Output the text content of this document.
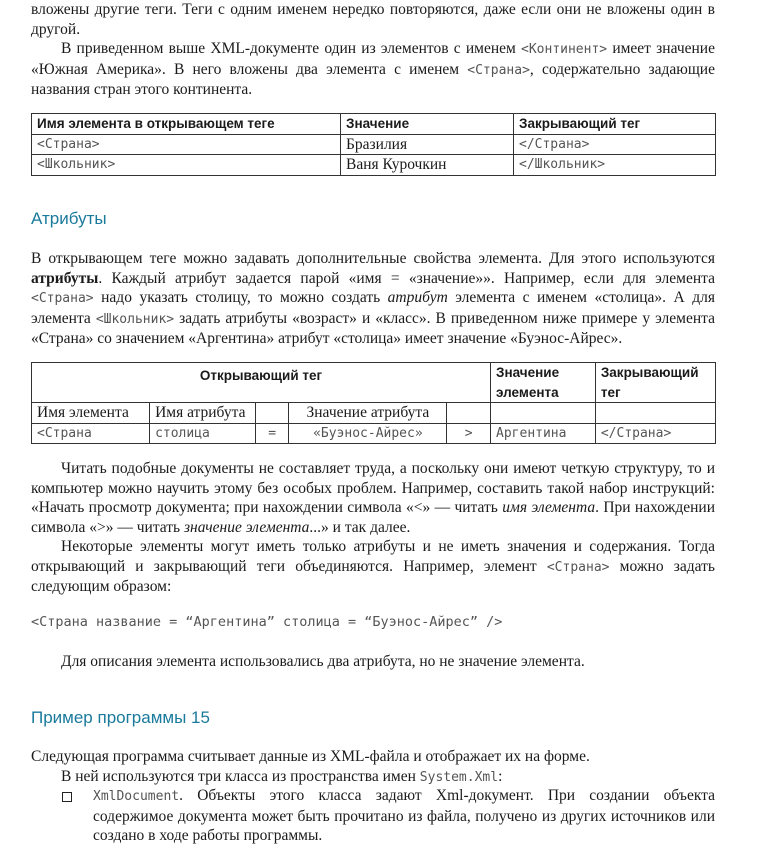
вложены другие теги. Теги с одним именем нередко повторяются, даже если они не вложены один в другой.

В приведенном выше XML-документе один из элементов с именем <Континент> имеет значение «Южная Америка». В него вложены два элемента с именем <Страна>, содержательно задающие названия стран этого континента.

Имя элемента в открывающем теге	Значение	Закрывающий тег
<Страна>	Бразилия	</Страна>
<Школьник>	Ваня Курочкин	</Школьник>
Атрибуты

В открывающем теге можно задавать дополнительные свойства элемента. Для этого используются атрибуты. Каждый атрибут задается парой «имя = «значение»». Например, если для элемента <Страна> надо указать столицу, то можно создать атрибут элемента с именем «столица». А для элемента <Школьник> задать атрибуты «возраст» и «класс». В приведенном ниже примере у элемента «Страна» со значением «Аргентина» атрибут «столица» имеет значение «Буэнос-Айрес».

Открывающий тег					Значение элемента	Закрывающий тег
Имя элемента	Имя атрибута		Значение атрибута			
<Страна	столица	=	«Буэнос-Айрес»	>	Аргентина	</Страна>

Читать подобные документы не составляет труда, а поскольку они имеют четкую структуру, то и компьютер можно научить этому без особых проблем. Например, составить такой набор инструкций: «Начать просмотр документа; при нахождении символа «<» — читать имя элемента. При нахождении символа «>» — читать значение элемента...» и так далее.

Некоторые элементы могут иметь только атрибуты и не иметь значения и содержания. Тогда открывающий и закрывающий теги объединяются. Например, элемент <Страна> можно задать следующим образом:

<Страна название = “Аргентина” столица = “Буэнос-Айрес” />

Для описания элемента использовались два атрибута, но не значение элемента.

Пример программы 15

Следующая программа считывает данные из XML-файла и отображает их на форме.

В ней используются три класса из пространства имен System.Xml:

XmlDocument. Объекты этого класса задают Xml-документ. При создании объекта содержимое документа может быть прочитано из файла, получено из других источников или создано в ходе работы программы.
